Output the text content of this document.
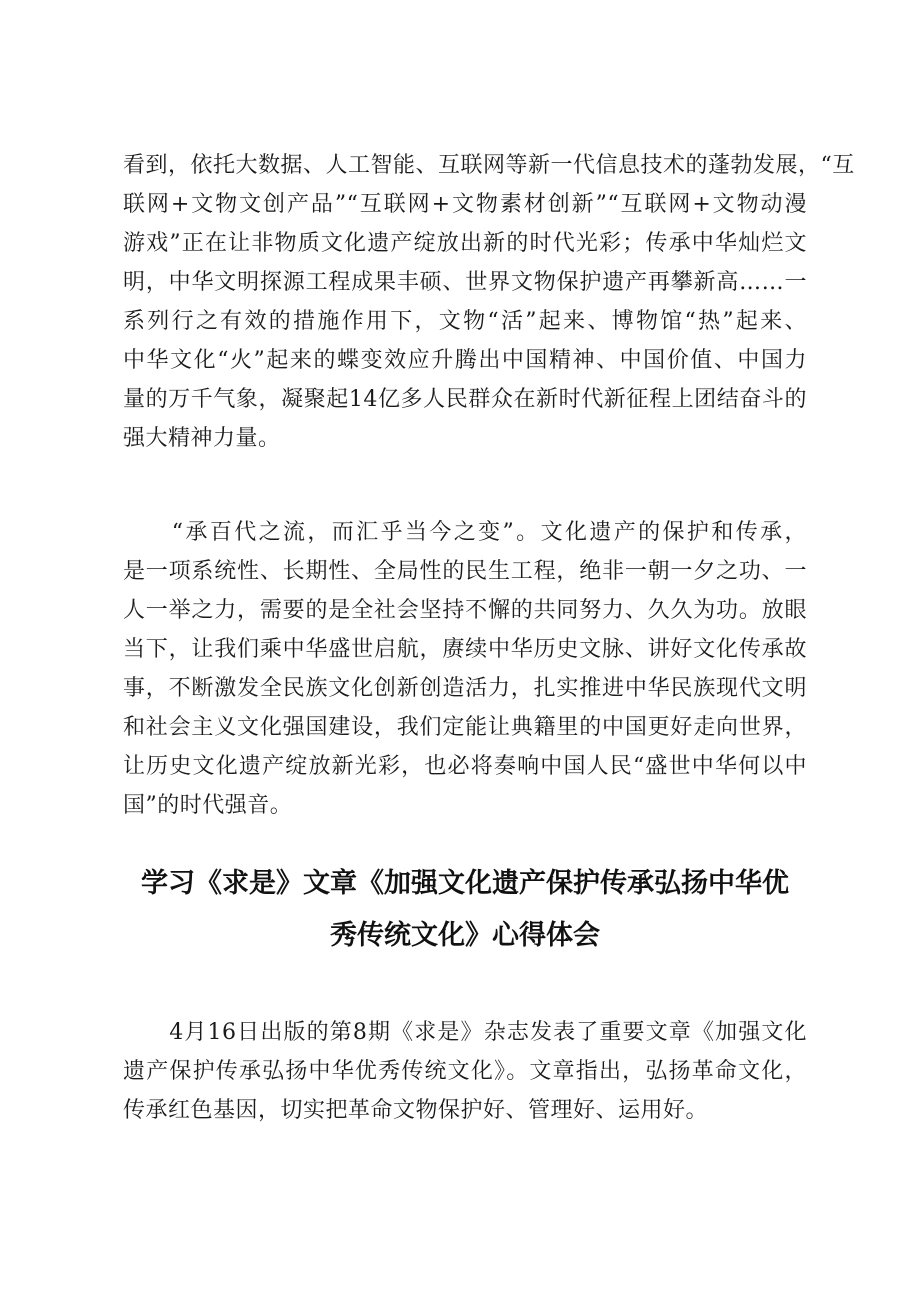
看到，依托大数据、人工智能、互联网等新一代信息技术的蓬勃发展，“互
联网+文物文创产品”“互联网+文物素材创新”“互联网+文物动漫
游戏”正在让非物质文化遗产绽放出新的时代光彩；传承中华灿烂文
明，中华文明探源工程成果丰硕、世界文物保护遗产再攀新高……一
系列行之有效的措施作用下，文物“活”起来、博物馆“热”起来、
中华文化“火”起来的蝶变效应升腾出中国精神、中国价值、中国力
量的万千气象，凝聚起14亿多人民群众在新时代新征程上团结奋斗的
强大精神力量。
　　“承百代之流，而汇乎当今之变”。文化遗产的保护和传承，
是一项系统性、长期性、全局性的民生工程，绝非一朝一夕之功、一
人一举之力，需要的是全社会坚持不懈的共同努力、久久为功。放眼
当下，让我们乘中华盛世启航，赓续中华历史文脉、讲好文化传承故
事，不断激发全民族文化创新创造活力，扎实推进中华民族现代文明
和社会主义文化强国建设，我们定能让典籍里的中国更好走向世界，
让历史文化遗产绽放新光彩，也必将奏响中国人民“盛世中华何以中
国”的时代强音。
学习《求是》文章《加强文化遗产保护传承弘扬中华优
秀传统文化》心得体会
　　4月16日出版的第8期《求是》杂志发表了重要文章《加强文化
遗产保护传承弘扬中华优秀传统文化》。文章指出，弘扬革命文化，
传承红色基因，切实把革命文物保护好、管理好、运用好。
